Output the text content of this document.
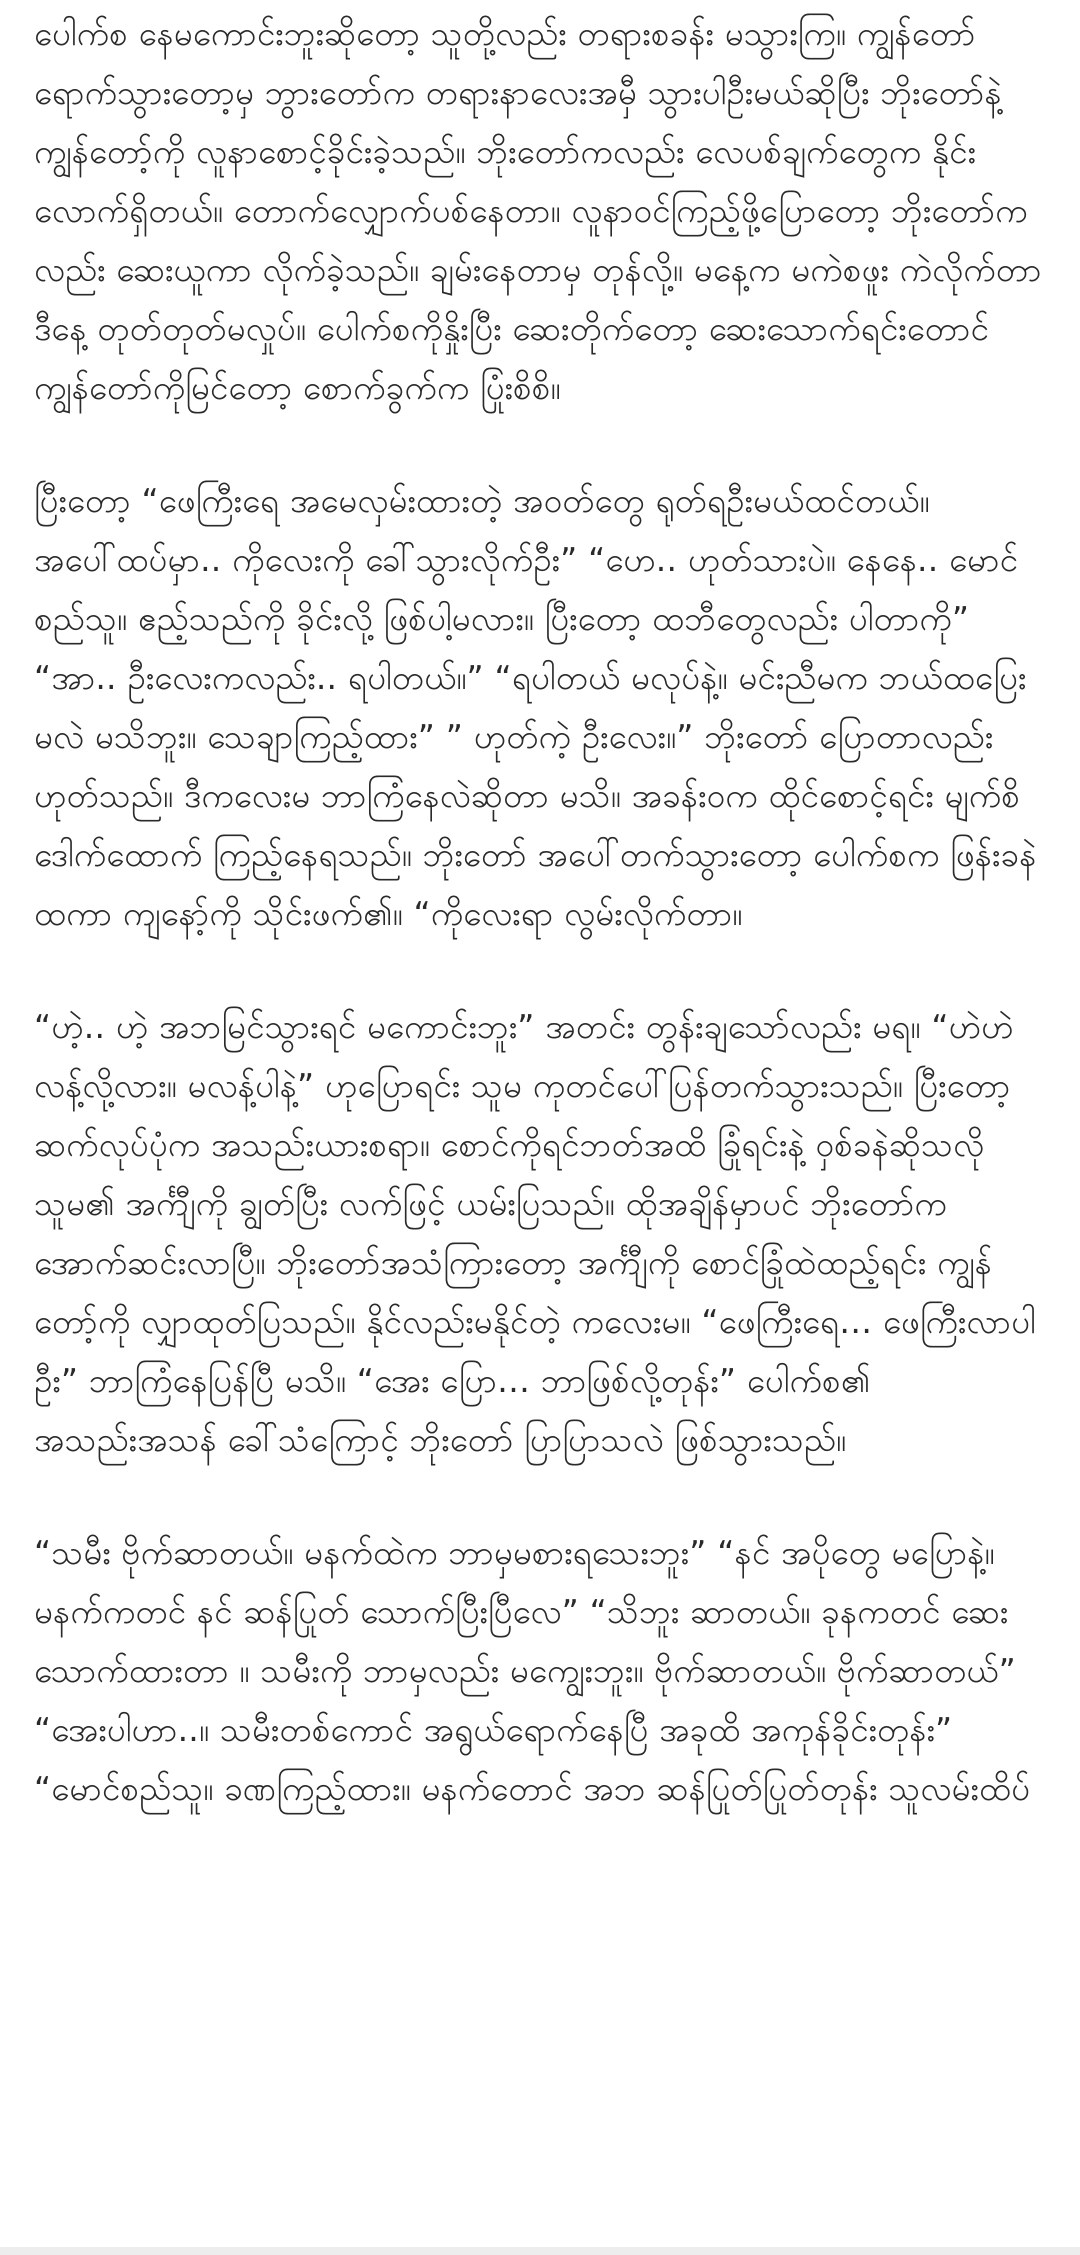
ပေါက်စ နေမကောင်းဘူးဆိုတော့ သူတို့လည်း တရားစခန်း မသွားကြ။ ကျွန်တော်ရောက်သွားတော့မှ ဘွားတော်က တရားနာလေးအမှီ သွားပါဦးမယ်ဆိုပြီး ဘိုးတော်နဲ့ ကျွန်တော့်ကို လူနာစောင့်ခိုင်းခဲ့သည်။ ဘိုးတော်ကလည်း လေပစ်ချက်တွေက နိုင်းလောက်ရှိတယ်။ တောက်လျှောက်ပစ်နေတာ။ လူနာဝင်ကြည့်ဖို့ပြောတော့ ဘိုးတော်ကလည်း ဆေးယူကာ လိုက်ခဲ့သည်။ ချမ်းနေတာမှ တုန်လို့။ မနေ့က မကဲစဖူး ကဲလိုက်တာ ဒီနေ့ တုတ်တုတ်မလှုပ်။ ပေါက်စကိုနှိုးပြီး ဆေးတိုက်တော့ ဆေးသောက်ရင်းတောင် ကျွန်တော်ကိုမြင်တော့ စောက်ခွက်က ပြုံးစိစိ။

ပြီးတော့ “ဖေကြီးရေ အမေလှမ်းထားတဲ့ အဝတ်တွေ ရုတ်ရဦးမယ်ထင်တယ်။ အပေါ်ထပ်မှာ.. ကိုလေးကို ခေါ်သွားလိုက်ဦး” “ဟေ.. ဟုတ်သားပဲ။ နေနေ.. မောင်စည်သူ။ ဧည့်သည်ကို ခိုင်းလို့ ဖြစ်ပါ့မလား။ ပြီးတော့ ထဘီတွေလည်း ပါတာကို” “အာ.. ဦးလေးကလည်း.. ရပါတယ်။” “ရပါတယ် မလုပ်နဲ့။ မင်းညီမက ဘယ်ထပြေးမလဲ မသိဘူး။ သေချာကြည့်ထား” ” ဟုတ်ကဲ့ ဦးလေး။” ဘိုးတော် ပြောတာလည်း ဟုတ်သည်။ ဒီကလေးမ ဘာကြံနေလဲဆိုတာ မသိ။ အခန်းဝက ထိုင်စောင့်ရင်း မျက်စိဒေါက်ထောက် ကြည့်နေရသည်။ ဘိုးတော် အပေါ်တက်သွားတော့ ပေါက်စက ဖြန်းခနဲထကာ ကျနော့်ကို သိုင်းဖက်၏။ “ကိုလေးရာ လွမ်းလိုက်တာ။

“ဟဲ့.. ဟဲ့ အဘမြင်သွားရင် မကောင်းဘူး” အတင်း တွန်းချသော်လည်း မရ။ “ဟဲဟဲ လန့်လို့လား။ မလန့်ပါနဲ့” ဟုပြောရင်း သူမ ကုတင်ပေါ်ပြန်တက်သွားသည်။ ပြီးတော့ ဆက်လုပ်ပုံက အသည်းယားစရာ။ စောင်ကိုရင်ဘတ်အထိ ခြုံရင်းနဲ့ ဝှစ်ခနဲဆိုသလို သူမ၏ အင်္ကျီကို ချွတ်ပြီး လက်ဖြင့် ယမ်းပြသည်။ ထိုအချိန်မှာပင် ဘိုးတော်က အောက်ဆင်းလာပြီ။ ဘိုးတော်အသံကြားတော့ အင်္ကျီကို စောင်ခြုံထဲထည့်ရင်း ကျွန်တော့်ကို လျှာထုတ်ပြသည်။ နိုင်လည်းမနိုင်တဲ့ ကလေးမ။ “ဖေကြီးရေ… ဖေကြီးလာပါဦး” ဘာကြံနေပြန်ပြီ မသိ။ “အေး ပြော… ဘာဖြစ်လို့တုန်း” ပေါက်စ၏ အသည်းအသန် ခေါ်သံကြောင့် ဘိုးတော် ပြာပြာသလဲ ဖြစ်သွားသည်။

“သမီး ဗိုက်ဆာတယ်။ မနက်ထဲက ဘာမှမစားရသေးဘူး” “နင် အပိုတွေ မပြောနဲ့။ မနက်ကတင် နင် ဆန်ပြုတ် သောက်ပြီးပြီလေ” “သိဘူး ဆာတယ်။ ခုနကတင် ဆေးသောက်ထားတာ ။ သမီးကို ဘာမှလည်း မကျွေးဘူး။ ဗိုက်ဆာတယ်။ ဗိုက်ဆာတယ်” “အေးပါဟာ..။ သမီးတစ်ကောင် အရွယ်ရောက်နေပြီ အခုထိ အကုန်ခိုင်းတုန်း” “မောင်စည်သူ။ ခဏကြည့်ထား။ မနက်တောင် အဘ ဆန်ပြုတ်ပြုတ်တုန်း သူလမ်းထိပ်
